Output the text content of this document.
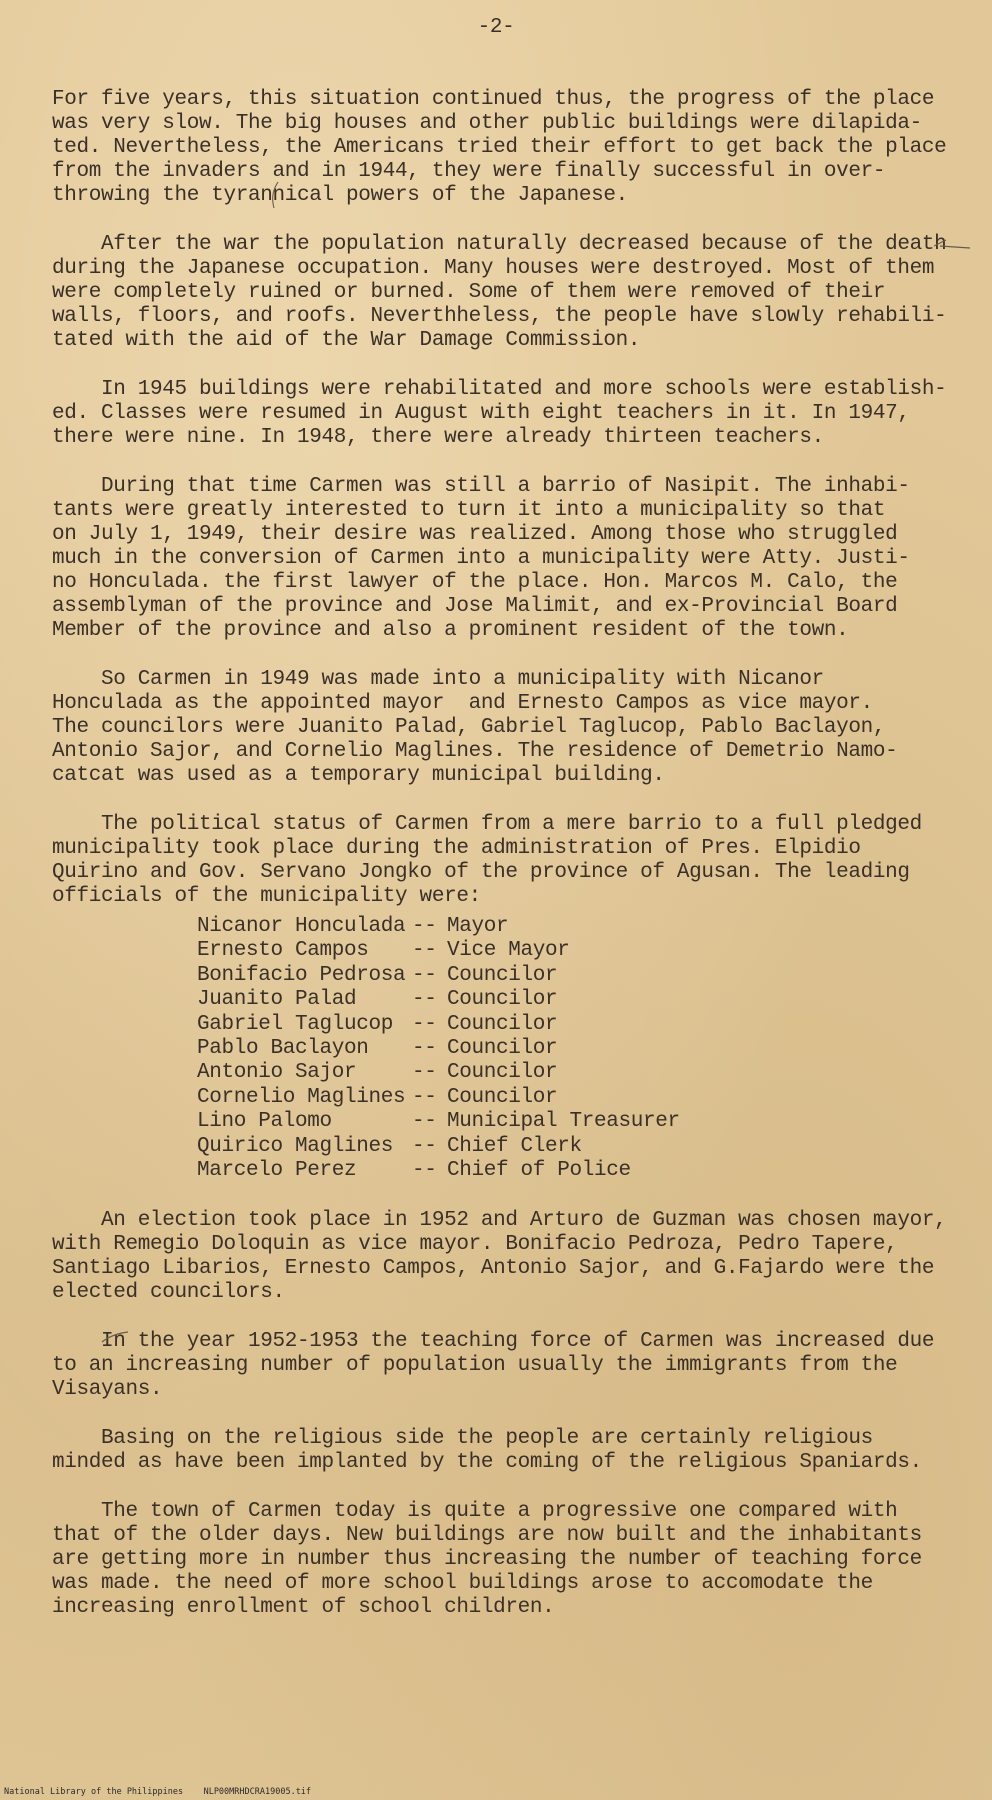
-2-
For five years, this situation continued thus, the progress of the place
was very slow. The big houses and other public buildings were dilapida-
ted. Nevertheless, the Americans tried their effort to get back the place
from the invaders and in 1944, they were finally successful in over-
throwing the tyrannical powers of the Japanese.
After the war the population naturally decreased because of the death
during the Japanese occupation. Many houses were destroyed. Most of them
were completely ruined or burned. Some of them were removed of their
walls, floors, and roofs. Neverthheless, the people have slowly rehabili-
tated with the aid of the War Damage Commission.
In 1945 buildings were rehabilitated and more schools were establish-
ed. Classes were resumed in August with eight teachers in it. In 1947,
there were nine. In 1948, there were already thirteen teachers.
During that time Carmen was still a barrio of Nasipit. The inhabi-
tants were greatly interested to turn it into a municipality so that
on July 1, 1949, their desire was realized. Among those who struggled
much in the conversion of Carmen into a municipality were Atty. Justi-
no Honculada. the first lawyer of the place. Hon. Marcos M. Calo, the
assemblyman of the province and Jose Malimit, and ex-Provincial Board
Member of the province and also a prominent resident of the town.
So Carmen in 1949 was made into a municipality with Nicanor
Honculada as the appointed mayor  and Ernesto Campos as vice mayor.
The councilors were Juanito Palad, Gabriel Taglucop, Pablo Baclayon,
Antonio Sajor, and Cornelio Maglines. The residence of Demetrio Namo-
catcat was used as a temporary municipal building.
The political status of Carmen from a mere barrio to a full pledged
municipality took place during the administration of Pres. Elpidio
Quirino and Gov. Servano Jongko of the province of Agusan. The leading
officials of the municipality were:
Nicanor Honculada	--	Mayor
Ernesto Campos	--	Vice Mayor
Bonifacio Pedrosa	--	Councilor
Juanito Palad	--	Councilor
Gabriel Taglucop	--	Councilor
Pablo Baclayon	--	Councilor
Antonio Sajor	--	Councilor
Cornelio Maglines	--	Councilor
Lino Palomo	--	Municipal Treasurer
Quirico Maglines	--	Chief Clerk
Marcelo Perez	--	Chief of Police
An election took place in 1952 and Arturo de Guzman was chosen mayor,
with Remegio Doloquin as vice mayor. Bonifacio Pedroza, Pedro Tapere,
Santiago Libarios, Ernesto Campos, Antonio Sajor, and G.Fajardo were the
elected councilors.
In the year 1952-1953 the teaching force of Carmen was increased due
to an increasing number of population usually the immigrants from the
Visayans.
Basing on the religious side the people are certainly religious
minded as have been implanted by the coming of the religious Spaniards.
The town of Carmen today is quite a progressive one compared with
that of the older days. New buildings are now built and the inhabitants
are getting more in number thus increasing the number of teaching force
was made. the need of more school buildings arose to accomodate the
increasing enrollment of school children.
National Library of the Philippines    NLP00MRHDCRA19005.tif
